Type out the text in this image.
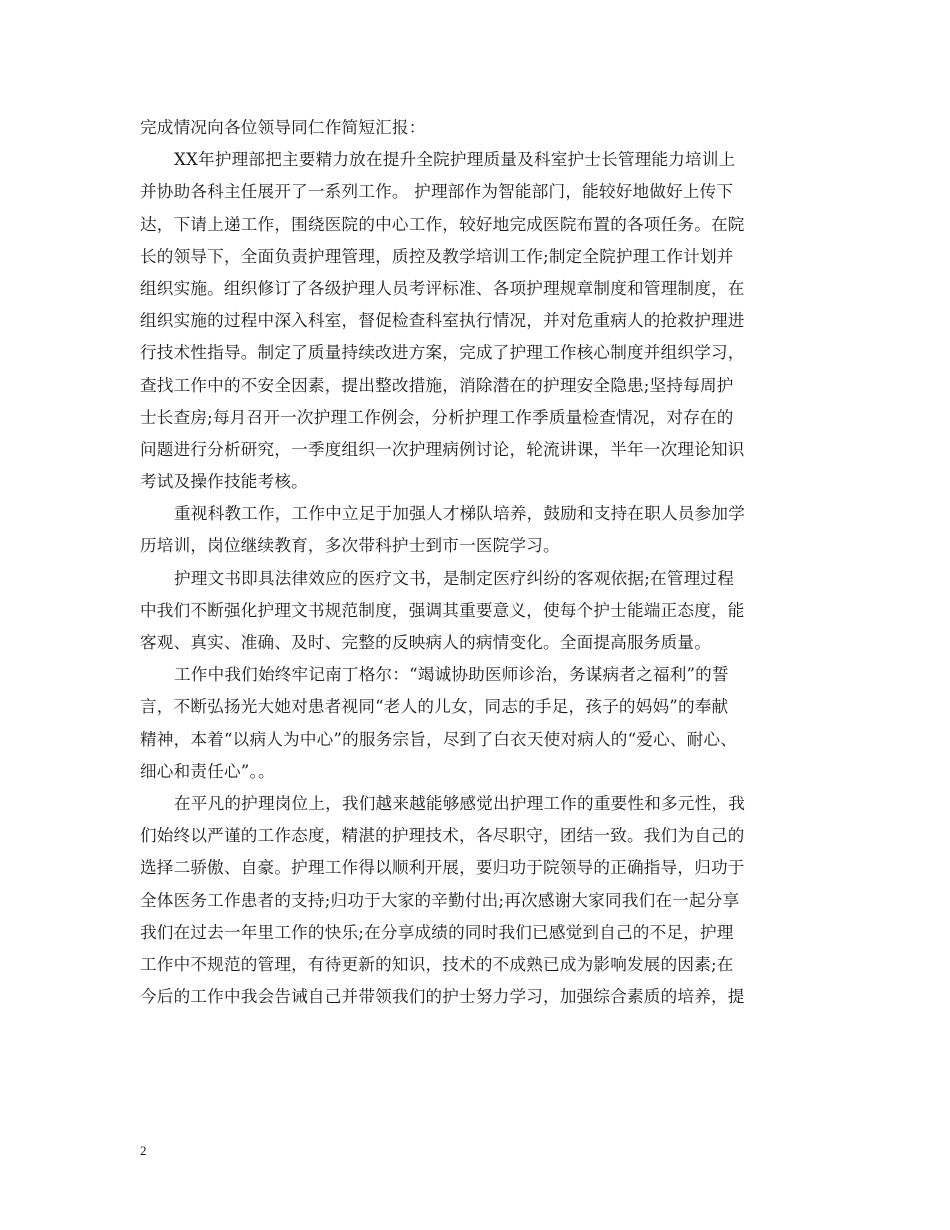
完成情况向各位领导同仁作简短汇报：
XX年护理部把主要精力放在提升全院护理质量及科室护士长管理能力培训上
并协助各科主任展开了一系列工作。 护理部作为智能部门，能较好地做好上传下
达，下请上递工作，围绕医院的中心工作，较好地完成医院布置的各项任务。在院
长的领导下，全面负责护理管理，质控及教学培训工作;制定全院护理工作计划并
组织实施。组织修订了各级护理人员考评标准、各项护理规章制度和管理制度，在
组织实施的过程中深入科室，督促检查科室执行情况，并对危重病人的抢救护理进
行技术性指导。制定了质量持续改进方案，完成了护理工作核心制度并组织学习，
查找工作中的不安全因素，提出整改措施，消除潜在的护理安全隐患;坚持每周护
士长查房;每月召开一次护理工作例会，分析护理工作季质量检查情况，对存在的
问题进行分析研究，一季度组织一次护理病例讨论，轮流讲课，半年一次理论知识
考试及操作技能考核。
重视科教工作，工作中立足于加强人才梯队培养，鼓励和支持在职人员参加学
历培训，岗位继续教育，多次带科护士到市一医院学习。
护理文书即具法律效应的医疗文书，是制定医疗纠纷的客观依据;在管理过程
中我们不断强化护理文书规范制度，强调其重要意义，使每个护士能端正态度，能
客观、真实、准确、及时、完整的反映病人的病情变化。全面提高服务质量。
工作中我们始终牢记南丁格尔：“竭诚协助医师诊治，务谋病者之福利”的誓
言，不断弘扬光大她对患者视同“老人的儿女，同志的手足，孩子的妈妈”的奉献
精神，本着“以病人为中心”的服务宗旨，尽到了白衣天使对病人的“爱心、耐心、
细心和责任心”。。
在平凡的护理岗位上，我们越来越能够感觉出护理工作的重要性和多元性，我
们始终以严谨的工作态度，精湛的护理技术，各尽职守，团结一致。我们为自己的
选择二骄傲、自豪。护理工作得以顺利开展，要归功于院领导的正确指导，归功于
全体医务工作患者的支持;归功于大家的辛勤付出;再次感谢大家同我们在一起分享
我们在过去一年里工作的快乐;在分享成绩的同时我们已感觉到自己的不足，护理
工作中不规范的管理，有待更新的知识，技术的不成熟已成为影响发展的因素;在
今后的工作中我会告诫自己并带领我们的护士努力学习，加强综合素质的培养，提
2
